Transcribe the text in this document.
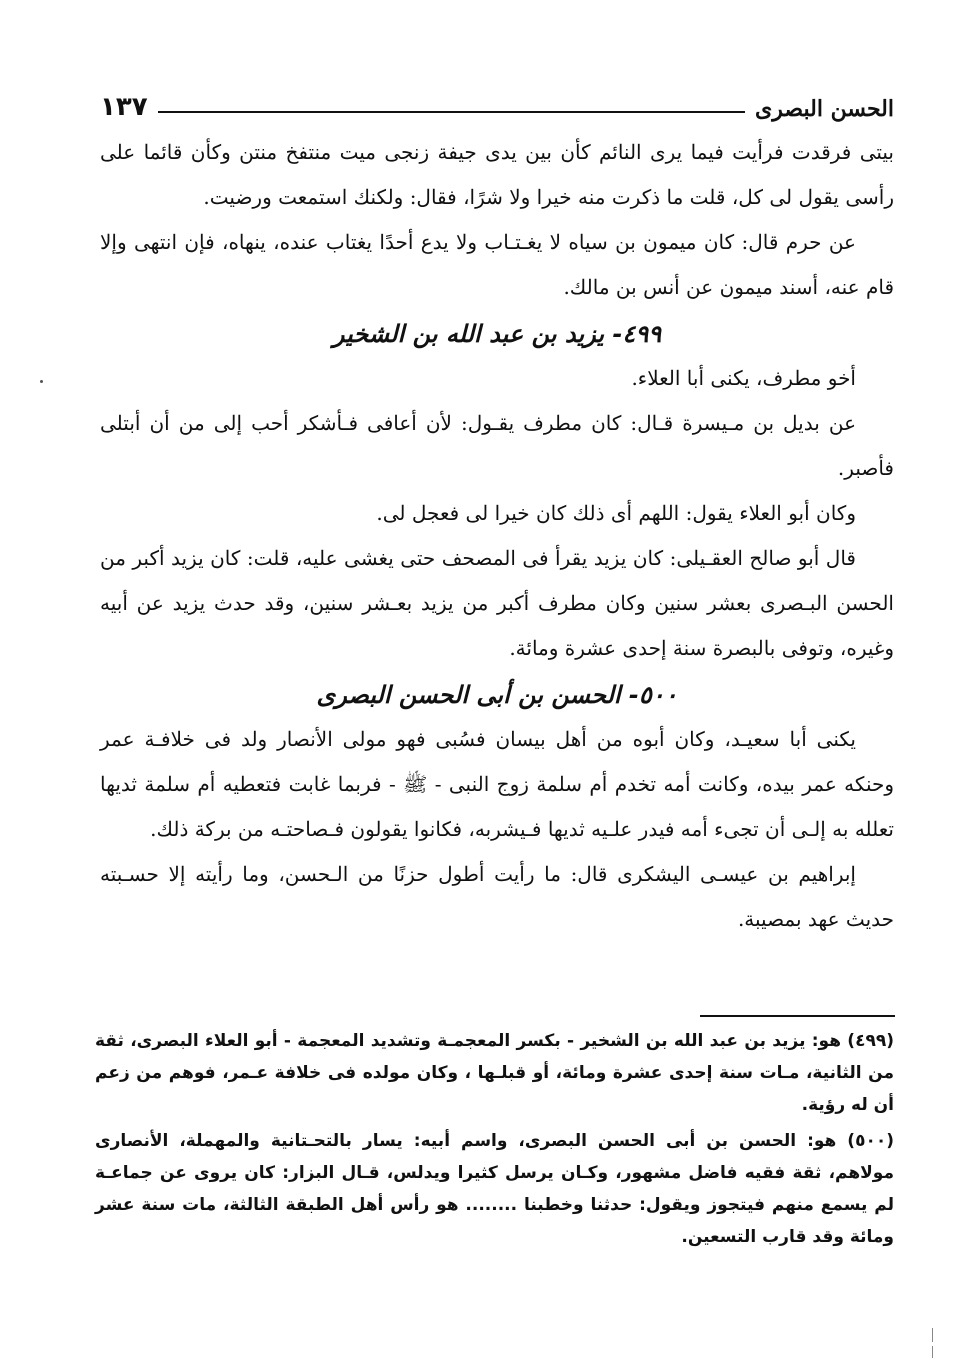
الحسن البصرى
١٣٧

بيتى فرقدت فرأيت فيما يرى النائم كأن بين يدى جيفة زنجى ميت منتفخ منتن وكأن قائما على رأسى يقول لى كل، قلت ما ذكرت منه خيرا ولا شرًا، فقال: ولكنك استمعت ورضيت.

عن حرم قال: كان ميمون بن سياه لا يغـتـاب ولا يدع أحدًا يغتاب عنده، ينهاه، فإن انتهى وإلا قام عنه، أسند ميمون عن أنس بن مالك.

٤٩٩- يزيد بن عبد الله بن الشخير

أخو مطرف، يكنى أبا العلاء.

عن بديل بن مـيسرة قـال: كان مطرف يقـول: لأن أعافى فـأشكر أحب إلى من أن أبتلى فأصبر.

وكان أبو العلاء يقول: اللهم أى ذلك كان خيرا لى فعجل لى.

قال أبو صالح العقـيلى: كان يزيد يقرأ فى المصحف حتى يغشى عليه، قلت: كان يزيد أكبر من الحسن البـصرى بعشر سنين وكان مطرف أكبر من يزيد بعـشر سنين، وقد حدث يزيد عن أبيه وغيره، وتوفى بالبصرة سنة إحدى عشرة ومائة.

٥٠٠- الحسن بن أبى الحسن البصرى

يكنى أبا سعيـد، وكان أبوه من أهل بيسان فسُبى فهو مولى الأنصار ولد فى خلافـة عمر وحنكه عمر بيده، وكانت أمه تخدم أم سلمة زوج النبى - ﷺ - فربما غابت فتعطيه أم سلمة ثديها تعلله به إلـى أن تجىء أمه فيدر علـيه ثديها فـيشربه، فكانوا يقولون فـصاحتـه من بركة ذلك.

إبراهيم بن عيسـى اليشكرى قال: ما رأيت أطول حزنًا من الـحسن، وما رأيته إلا حسـبته حديث عهد بمصيبة.

(٤٩٩) هو: يزيد بن عبد الله بن الشخير - بكسر المعجمـة وتشديد المعجمة - أبو العلاء البصرى، ثقة من الثانية، مـات سنة إحدى عشرة ومائة، أو قبلـها ، وكان مولده فى خلافة عـمر، فوهم من زعم أن له رؤية.

(٥٠٠) هو: الحسن بن أبى الحسن البصرى، واسم أبيه: يسار بالتحـتانية والمهملة، الأنصارى مولاهم، ثقة فقيه فاضل مشهور، وكـان يرسل كثيرا ويدلس، قـال البزار: كان يروى عن جماعـة لم يسمع منهم فيتجوز ويقول: حدثنا وخطبنا ........ هو رأس أهل الطبقة الثالثة، مات سنة عشر ومائة وقد قارب التسعين.
